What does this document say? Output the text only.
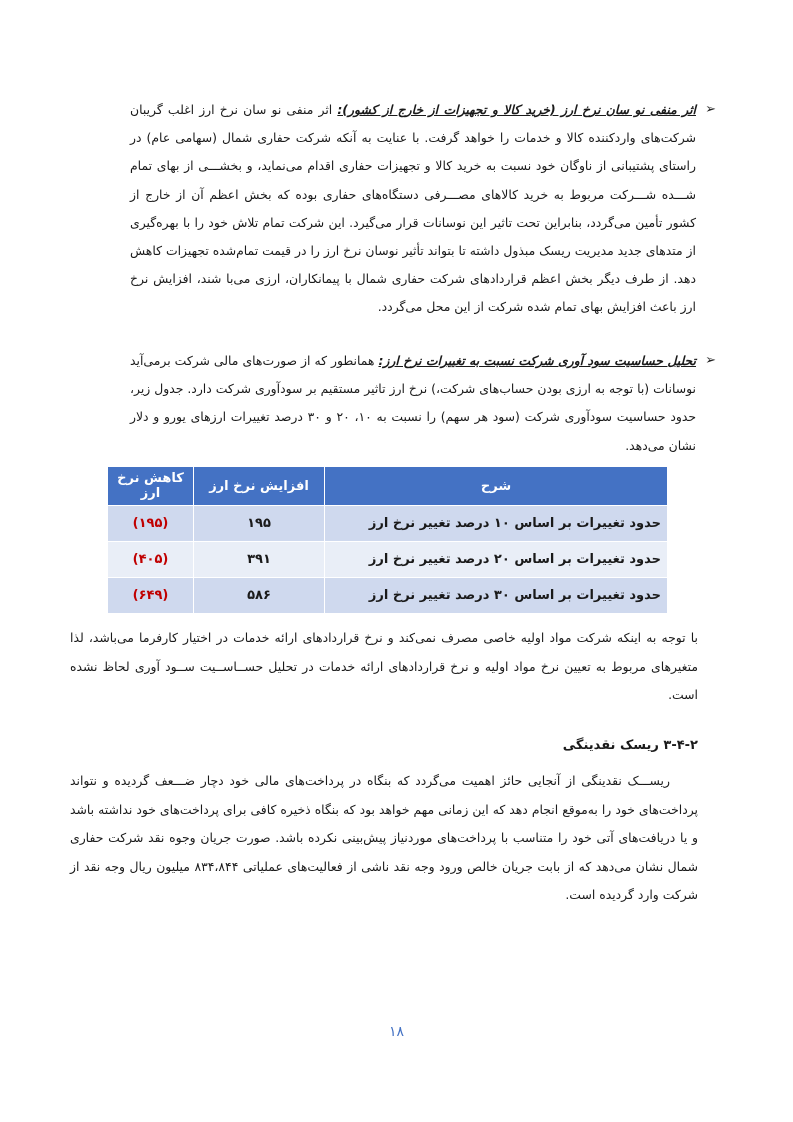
➢
اثر منفی نو سان نرخ ارز (خرید کالا و تجهیزات از خارج از کشور): اثر منفی نو سان نرخ ارز اغلب گریبان شرکت‌های واردکننده کالا و خدمات را خواهد گرفت. با عنایت به آنکه شرکت حفاری شمال (سهامی عام) در راستای پشتیبانی از ناوگان خود نسبت به خرید کالا و تجهیزات حفاری اقدام می‌نماید، و بخشـــی از بهای تمام شـــده شـــرکت مربوط به خرید کالاهای مصـــرفی دستگاه‌های حفاری بوده که بخش اعظم آن از خارج از کشور تأمین می‌گردد، بنابراین تحت تاثیر این نوسانات قرار می‌گیرد. این شرکت تمام تلاش خود را با بهره‌گیری از متدهای جدید مدیریت ریسک مبذول داشته تا بتواند تأثیر نوسان نرخ ارز را در قیمت تمام‌شده تجهیزات کاهش دهد. از طرف دیگر بخش اعظم قراردادهای شرکت حفاری شمال با پیمانکاران، ارزی می‌با شند، افزایش نرخ ارز باعث افزایش بهای تمام شده شرکت از این محل می‌گردد.
➢
تحلیل حساسیت سود آوری شرکت نسبت به تغییرات نرخ ارز: همانطور که از صورت‌های مالی شرکت برمی‌آید نوسانات (با توجه به ارزی بودن حساب‌های شرکت،) نرخ ارز تاثیر مستقیم بر سودآوری شرکت دارد. جدول زیر، حدود حساسیت سودآوری شرکت (سود هر سهم) را نسبت به ۱۰، ۲۰ و ۳۰ درصد تغییرات ارزهای یورو و دلار نشان می‌دهد.
شرح	افزایش نرخ ارز	کاهش نرخ ارز
حدود تغییرات بر اساس ۱۰ درصد تغییر نرخ ارز	۱۹۵	(۱۹۵)
حدود تغییرات بر اساس ۲۰ درصد تغییر نرخ ارز	۳۹۱	(۴۰۵)
حدود تغییرات بر اساس ۳۰ درصد تغییر نرخ ارز	۵۸۶	(۶۴۹)
با توجه به اینکه شرکت مواد اولیه خاصی مصرف نمی‌کند و نرخ قراردادهای ارائه خدمات در اختیار کارفرما می‌باشد، لذا متغیرهای مربوط به تعیین نرخ مواد اولیه و نرخ قراردادهای ارائه خدمات در تحلیل حســاســیت ســود آوری لحاظ نشده است.
۳-۴-۲ ریسک نقدینگی
ریســـک نقدینگی از آنجایی حائز اهمیت می‌گردد که بنگاه در پرداخت‌های مالی خود دچار ضـــعف گردیده و نتواند پرداخت‌های خود را به‌موقع انجام دهد که این زمانی مهم خواهد بود که بنگاه ذخیره کافی برای پرداخت‌های خود نداشته باشد و یا دریافت‌های آتی خود را متناسب با پرداخت‌های موردنیاز پیش‌بینی نکرده باشد. صورت جریان وجوه نقد شرکت حفاری شمال نشان می‌دهد که از بابت جریان خالص ورود وجه نقد ناشی از فعالیت‌های عملیاتی ۸۳۴،۸۴۴ میلیون ریال وجه نقد از شرکت وارد گردیده است.
۱۸
